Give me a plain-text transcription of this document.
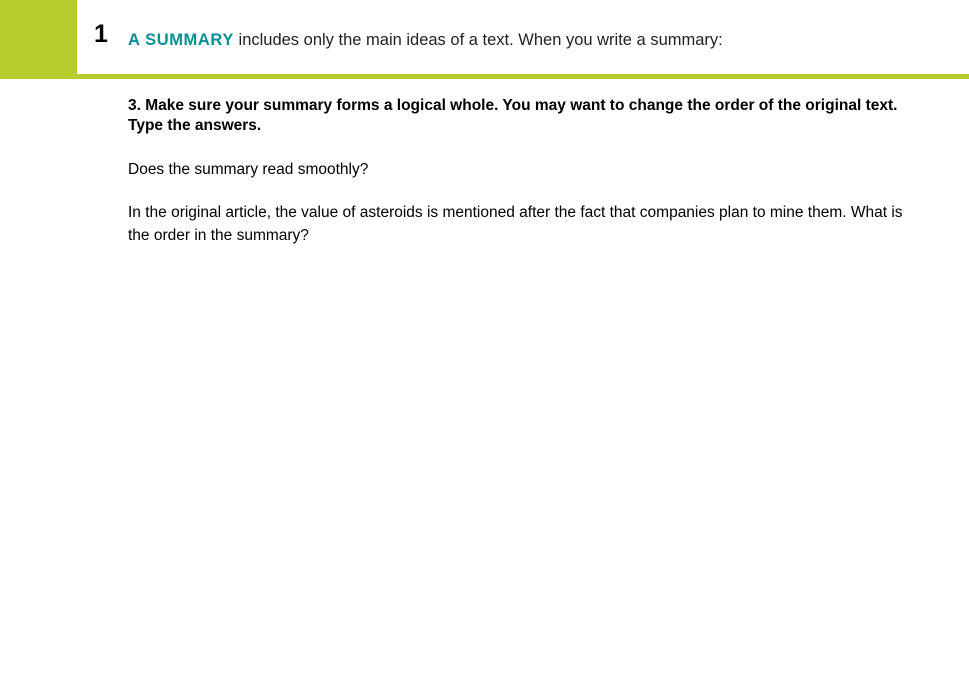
1 A SUMMARY includes only the main ideas of a text. When you write a summary:

3. Make sure your summary forms a logical whole. You may want to change the order of the original text. Type the answers.

Does the summary read smoothly?

In the original article, the value of asteroids is mentioned after the fact that companies plan to mine them. What is the order in the summary?
